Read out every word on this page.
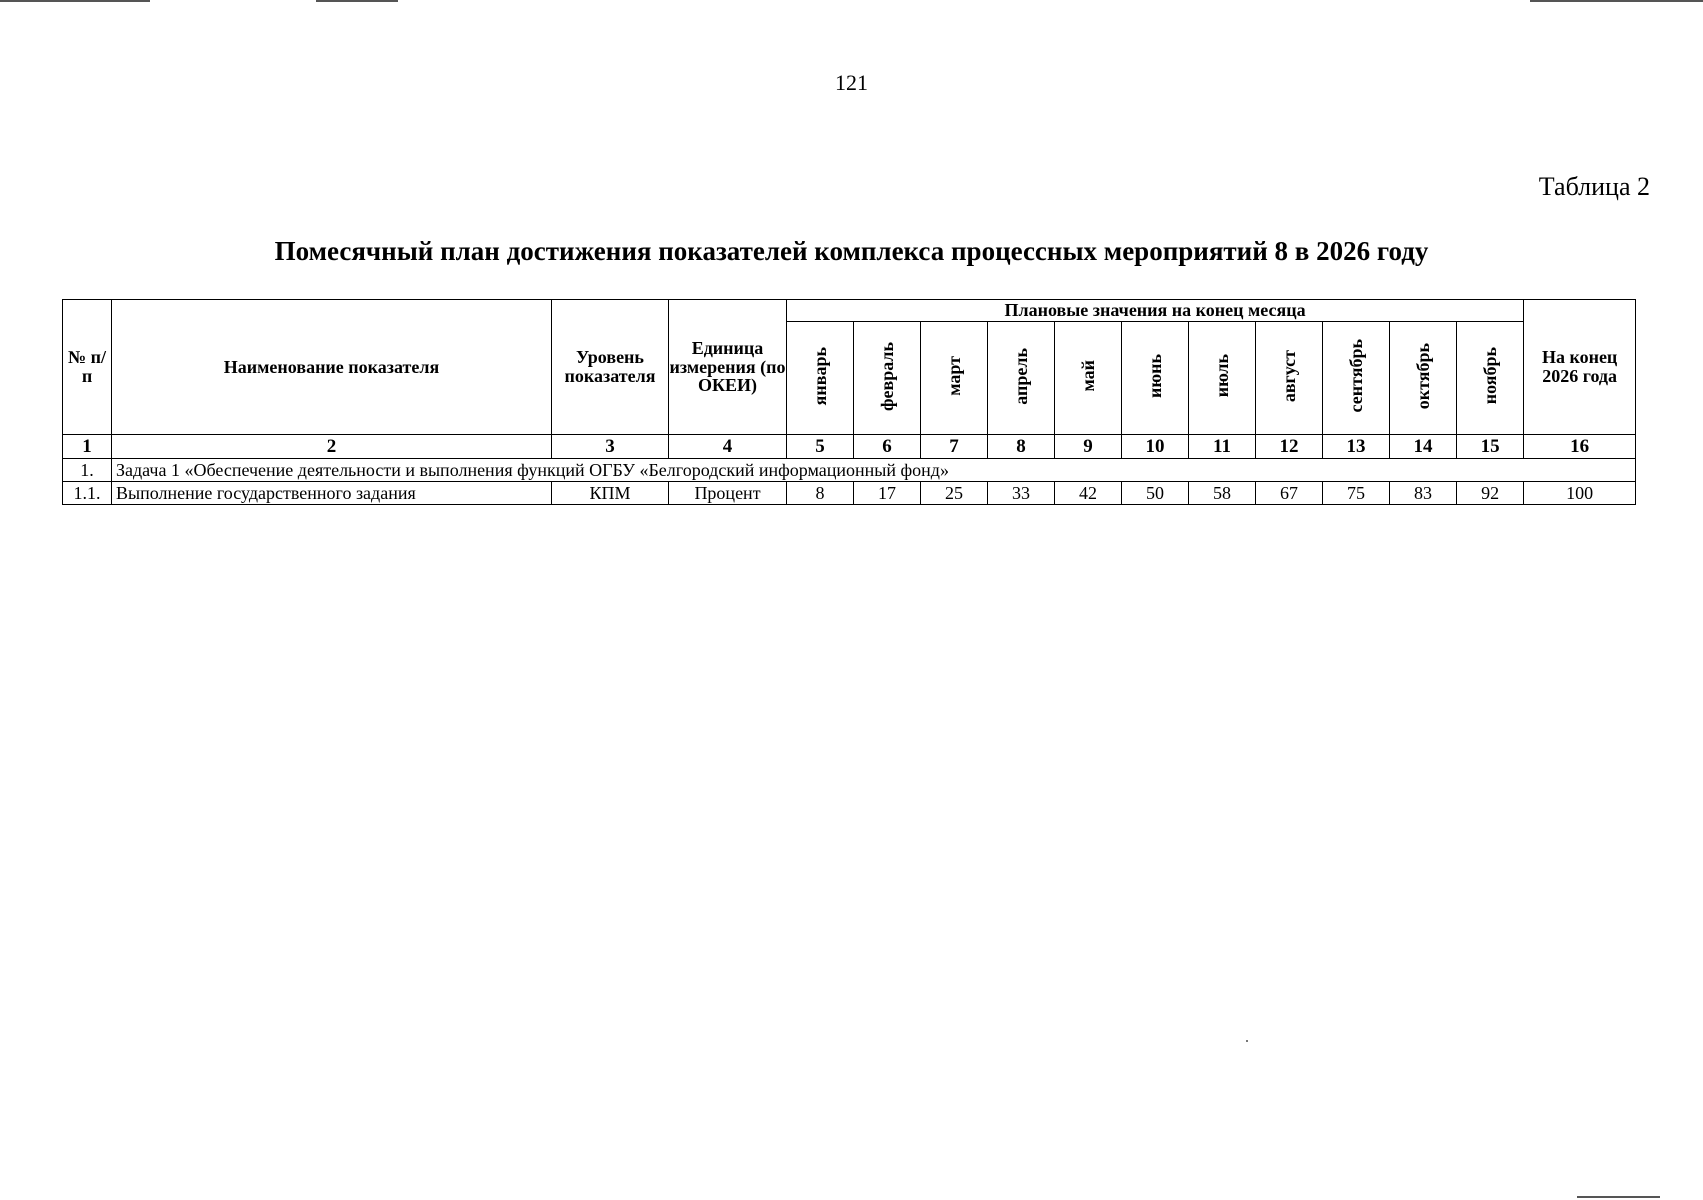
121
Таблица 2
Помесячный план достижения показателей комплекса процессных мероприятий 8 в 2026 году
№ п/п	Наименование показателя	Уровень показателя	Единица измерения (по ОКЕИ)	Плановые значения на конец месяца											На конец 2026 года
				январь	февраль	март	апрель	май	июнь	июль	август	сентябрь	октябрь	ноябрь	
1	2	3	4	5	6	7	8	9	10	11	12	13	14	15	16
1.	Задача 1 «Обеспечение деятельности и выполнения функций ОГБУ «Белгородский информационный фонд»														
1.1.	Выполнение государственного задания	КПМ	Процент	8	17	25	33	42	50	58	67	75	83	92	100
